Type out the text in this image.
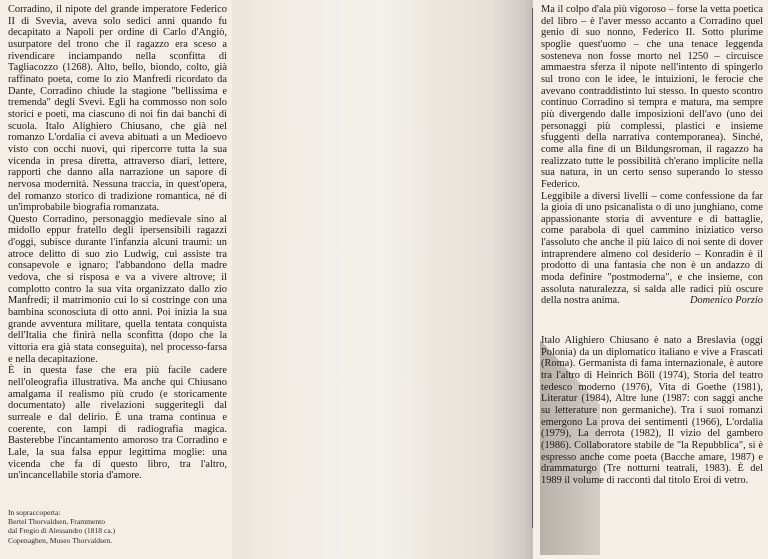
Corradino, il nipote del grande imperatore Federico II di Svevia, aveva solo sedici anni quando fu decapitato a Napoli per ordine di Carlo d'Angiò, usurpatore del trono che il ragazzo era sceso a rivendicare inciampando nella sconfitta di Tagliacozzo (1268). Alto, bello, biondo, colto, già raffinato poeta, come lo zio Manfredi ricordato da Dante, Corradino chiude la stagione "bellissima e tremenda" degli Svevi. Egli ha commosso non solo storici e poeti, ma ciascuno di noi fin dai banchi di scuola. Italo Alighiero Chiusano, che già nel romanzo L'ordalia ci aveva abituati a un Medioevo visto con occhi nuovi, qui ripercorre tutta la sua vicenda in presa diretta, attraverso diari, lettere, rapporti che danno alla narrazione un sapore di nervosa modernità. Nessuna traccia, in quest'opera, del romanzo storico di tradizione romantica, né di un'improbabile biografia romanzata.

Questo Corradino, personaggio medievale sino al midollo eppur fratello degli ipersensibili ragazzi d'oggi, subisce durante l'infanzia alcuni traumi: un atroce delitto di suo zio Ludwig, cui assiste tra consapevole e ignaro; l'abbandono della madre vedova, che si risposa e va a vivere altrove; il complotto contro la sua vita organizzato dallo zio Manfredi; il matrimonio cui lo si costringe con una bambina sconosciuta di otto anni. Poi inizia la sua grande avventura militare, quella tentata conquista dell'Italia che finirà nella sconfitta (dopo che la vittoria era già stata conseguita), nel processo-farsa e nella decapitazione.

È in questa fase che era più facile cadere nell'oleografia illustrativa. Ma anche qui Chiusano amalgama il realismo più crudo (e storicamente documentato) alle rivelazioni suggeritegli dal surreale e dal delirio. È una trama continua e coerente, con lampi di radiografia magica. Basterebbe l'incantamento amoroso tra Corradino e Lale, la sua falsa eppur legittima moglie: una vicenda che fa di questo libro, tra l'altro, un'incancellabile storia d'amore.

In sopraccoperta:
Bertel Thorvaldsen, Frammento
dal Fregio di Alessandro (1818 ca.)
Copenaghen, Museo Thorvaldsen.

Ma il colpo d'ala più vigoroso – forse la vetta poetica del libro – è l'aver messo accanto a Corradino quel genio di suo nonno, Federico II. Sotto plurime spoglie quest'uomo – che una tenace leggenda sosteneva non fosse morto nel 1250 – circuisce ammaestra sferza il nipote nell'intento di spingerlo sul trono con le idee, le intuizioni, le ferocie che avevano contraddistinto lui stesso. In questo scontro continuo Corradino si tempra e matura, ma sempre più divergendo dalle imposizioni dell'avo (uno dei personaggi più complessi, plastici e insieme sfuggenti della narrativa contemporanea). Sinché, come alla fine di un Bildungsroman, il ragazzo ha realizzato tutte le possibilità ch'erano implicite nella sua natura, in un certo senso superando lo stesso Federico.

Leggibile a diversi livelli – come confessione da far la gioia di uno psicanalista o di uno junghiano, come appassionante storia di avventure e di battaglie, come parabola di quel cammino iniziatico verso l'assoluto che anche il più laico di noi sente di dover intraprendere almeno col desiderio – Konradin è il prodotto di una fantasia che non è un andazzo di moda definire "postmoderna", e che insieme, con assoluta naturalezza, si salda alle radici più oscure della nostra anima.	Domenico Porzio

Italo Alighiero Chiusano è nato a Breslavia (oggi Polonia) da un diplomatico italiano e vive a Frascati (Roma). Germanista di fama internazionale, è autore tra l'altro di Heinrich Böll (1974), Storia del teatro tedesco moderno (1976), Vita di Goethe (1981), Literatur (1984), Altre lune (1987: con saggi anche su letterature non germaniche). Tra i suoi romanzi emergono La prova dei sentimenti (1966), L'ordalia (1979), La derrota (1982), Il vizio del gambero (1986). Collaboratore stabile de "la Repubblica", si è espresso anche come poeta (Bacche amare, 1987) e drammaturgo (Tre notturni teatrali, 1983). È del 1989 il volume di racconti dal titolo Eroi di vetro.
